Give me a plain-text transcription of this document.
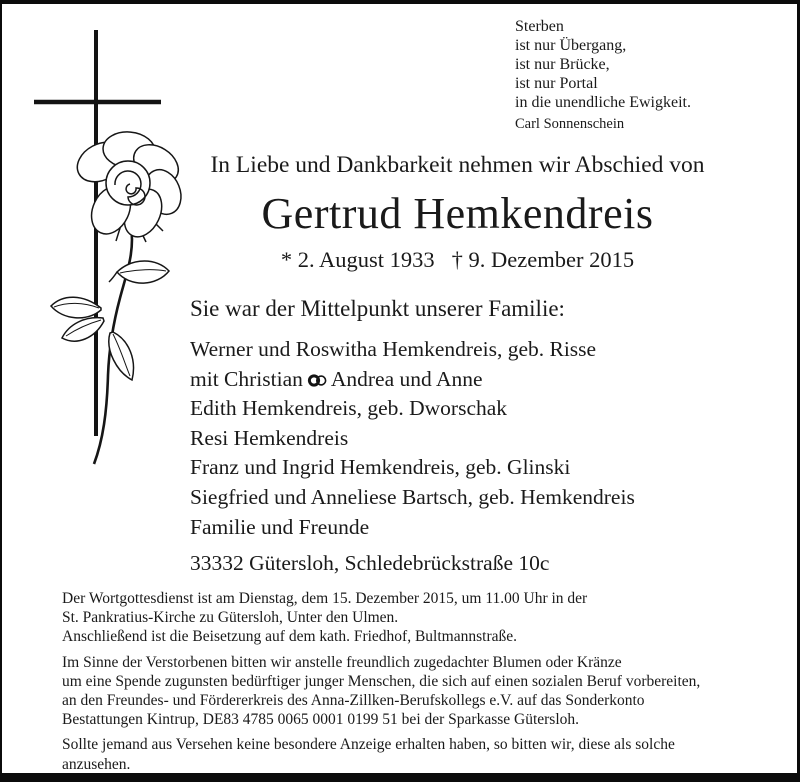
Sterben
ist nur Übergang,
ist nur Brücke,
ist nur Portal
in die unendliche Ewigkeit.
Carl Sonnenschein
In Liebe und Dankbarkeit nehmen wir Abschied von
Gertrud Hemkendreis
* 2. August 1933 † 9. Dezember 2015
Sie war der Mittelpunkt unserer Familie:
Werner und Roswitha Hemkendreis, geb. Risse
mit Christian Andrea und Anne
Edith Hemkendreis, geb. Dworschak
Resi Hemkendreis
Franz und Ingrid Hemkendreis, geb. Glinski
Siegfried und Anneliese Bartsch, geb. Hemkendreis
Familie und Freunde
33332 Gütersloh, Schledebrückstraße 10c
Der Wortgottesdienst ist am Dienstag, dem 15. Dezember 2015, um 11.00 Uhr in der
St. Pankratius-Kirche zu Gütersloh, Unter den Ulmen.
Anschließend ist die Beisetzung auf dem kath. Friedhof, Bultmannstraße.
Im Sinne der Verstorbenen bitten wir anstelle freundlich zugedachter Blumen oder Kränze
um eine Spende zugunsten bedürftiger junger Menschen, die sich auf einen sozialen Beruf vorbereiten,
an den Freundes- und Fördererkreis des Anna-Zillken-Berufskollegs e.V. auf das Sonderkonto
Bestattungen Kintrup, DE83 4785 0065 0001 0199 51 bei der Sparkasse Gütersloh.
Sollte jemand aus Versehen keine besondere Anzeige erhalten haben, so bitten wir, diese als solche
anzusehen.
